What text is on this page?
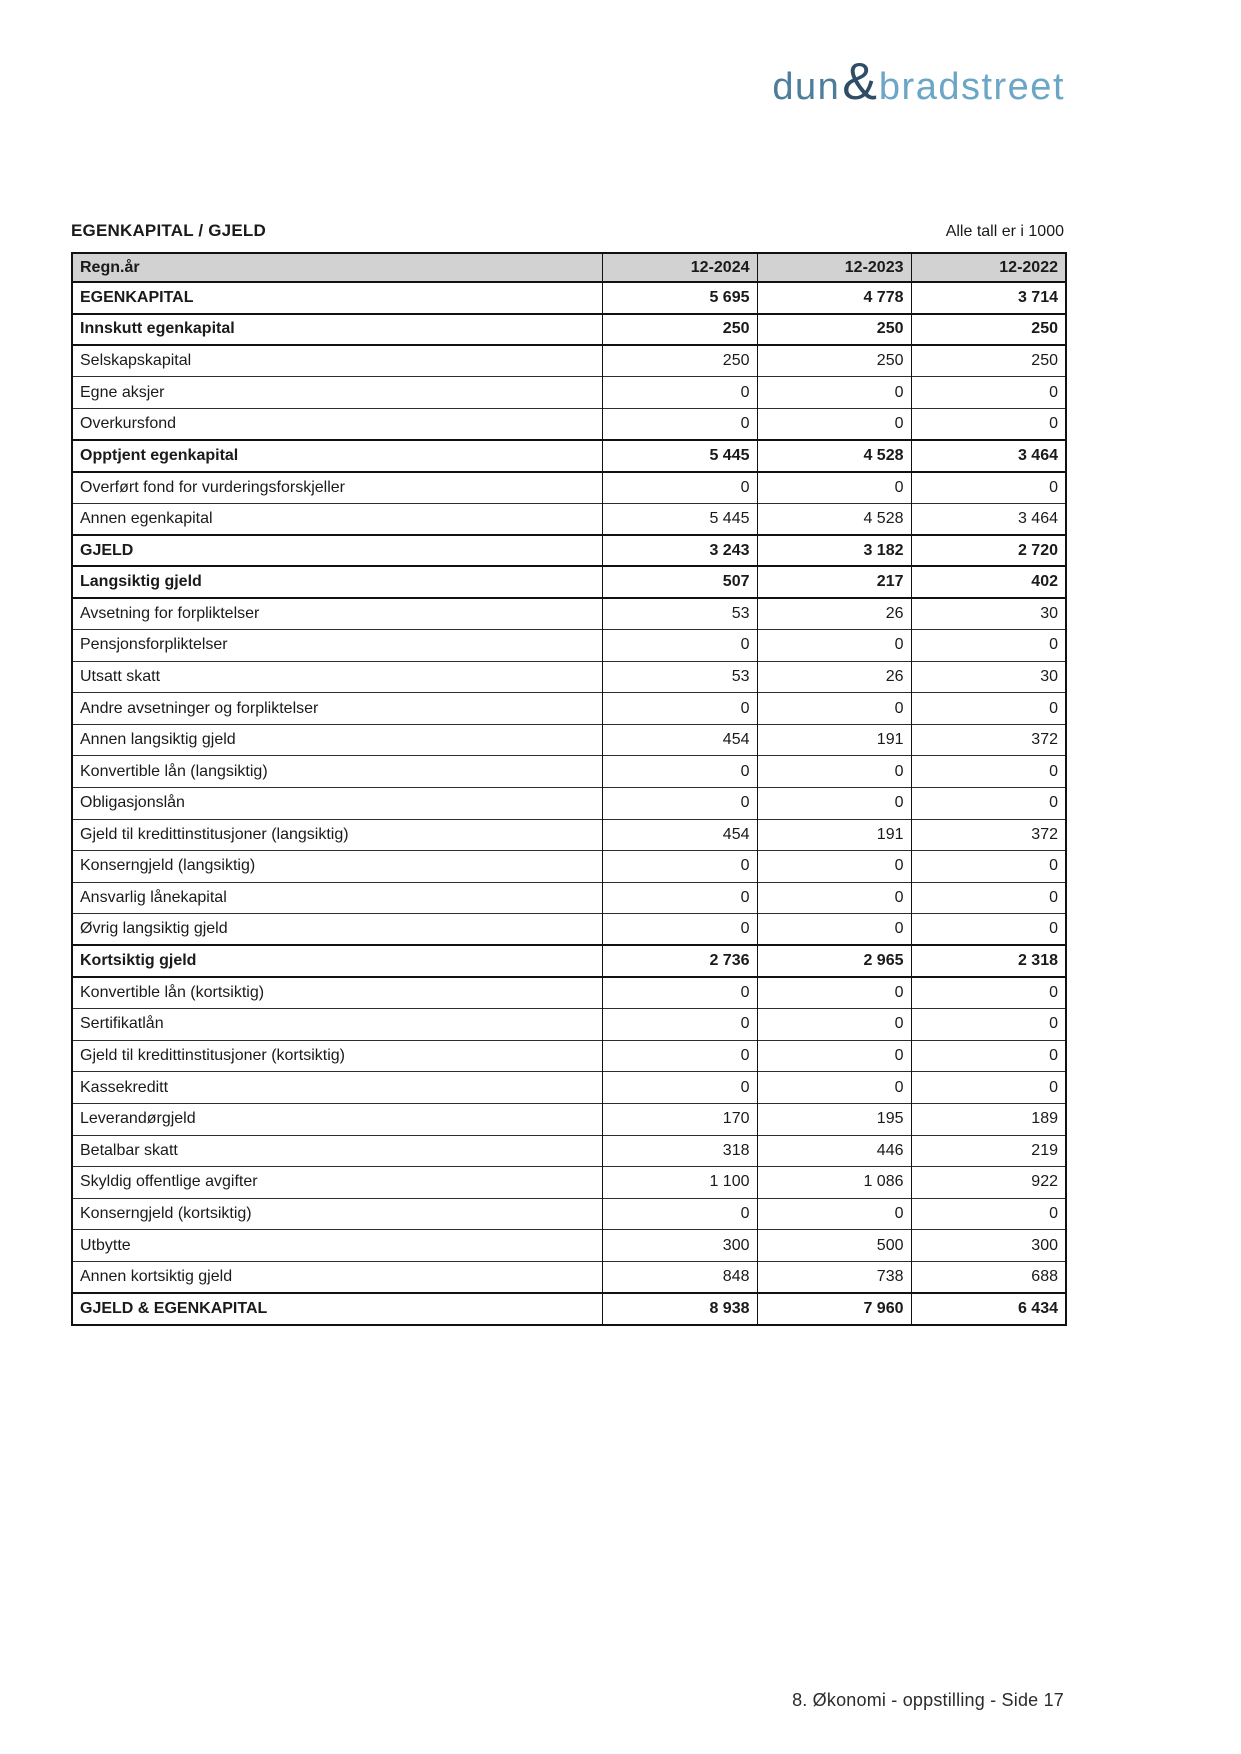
dun & bradstreet
EGENKAPITAL / GJELD	Alle tall er i 1000
Regn.år	12-2024	12-2023	12-2022
EGENKAPITAL	5 695	4 778	3 714
Innskutt egenkapital	250	250	250
Selskapskapital	250	250	250
Egne aksjer	0	0	0
Overkursfond	0	0	0
Opptjent egenkapital	5 445	4 528	3 464
Overført fond for vurderingsforskjeller	0	0	0
Annen egenkapital	5 445	4 528	3 464
GJELD	3 243	3 182	2 720
Langsiktig gjeld	507	217	402
Avsetning for forpliktelser	53	26	30
Pensjonsforpliktelser	0	0	0
Utsatt skatt	53	26	30
Andre avsetninger og forpliktelser	0	0	0
Annen langsiktig gjeld	454	191	372
Konvertible lån (langsiktig)	0	0	0
Obligasjonslån	0	0	0
Gjeld til kredittinstitusjoner (langsiktig)	454	191	372
Konserngjeld (langsiktig)	0	0	0
Ansvarlig lånekapital	0	0	0
Øvrig langsiktig gjeld	0	0	0
Kortsiktig gjeld	2 736	2 965	2 318
Konvertible lån (kortsiktig)	0	0	0
Sertifikatlån	0	0	0
Gjeld til kredittinstitusjoner (kortsiktig)	0	0	0
Kassekreditt	0	0	0
Leverandørgjeld	170	195	189
Betalbar skatt	318	446	219
Skyldig offentlige avgifter	1 100	1 086	922
Konserngjeld (kortsiktig)	0	0	0
Utbytte	300	500	300
Annen kortsiktig gjeld	848	738	688
GJELD & EGENKAPITAL	8 938	7 960	6 434
8. Økonomi - oppstilling - Side 17
